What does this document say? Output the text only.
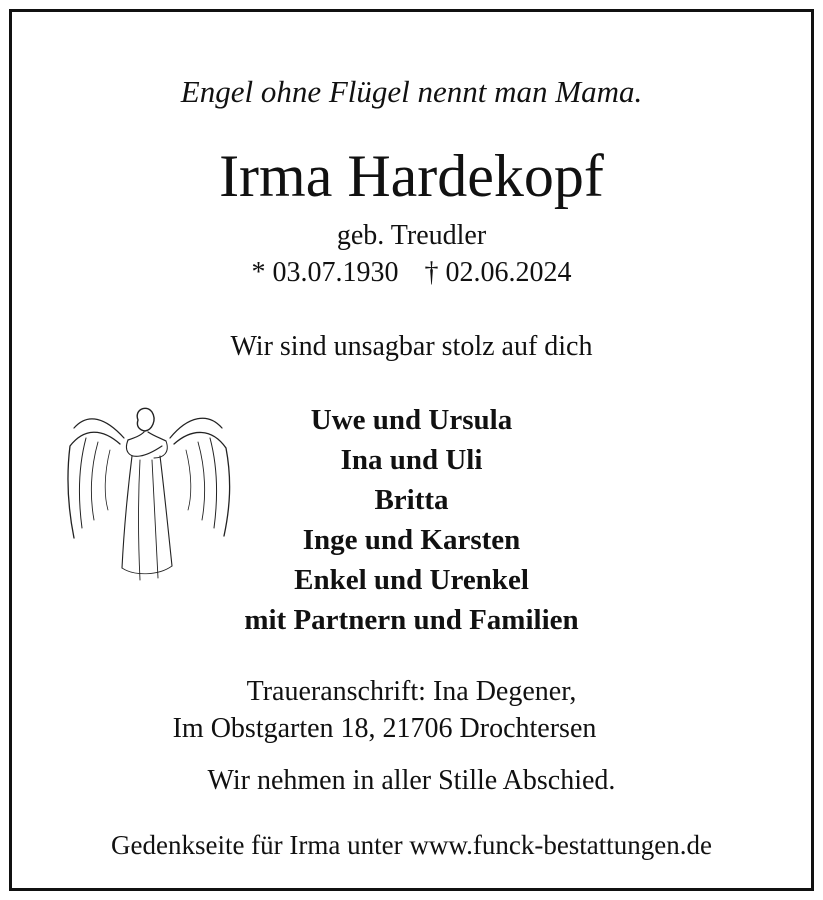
Engel ohne Flügel nennt man Mama.
Irma Hardekopf
geb. Treudler
* 03.07.1930 † 02.06.2024
Wir sind unsagbar stolz auf dich
Uwe und Ursula
Ina und Uli
Britta
Inge und Karsten
Enkel und Urenkel
mit Partnern und Familien
Traueranschrift: Ina Degener,
Im Obstgarten 18, 21706 Drochtersen
Wir nehmen in aller Stille Abschied.
Gedenkseite für Irma unter www.funck-bestattungen.de
